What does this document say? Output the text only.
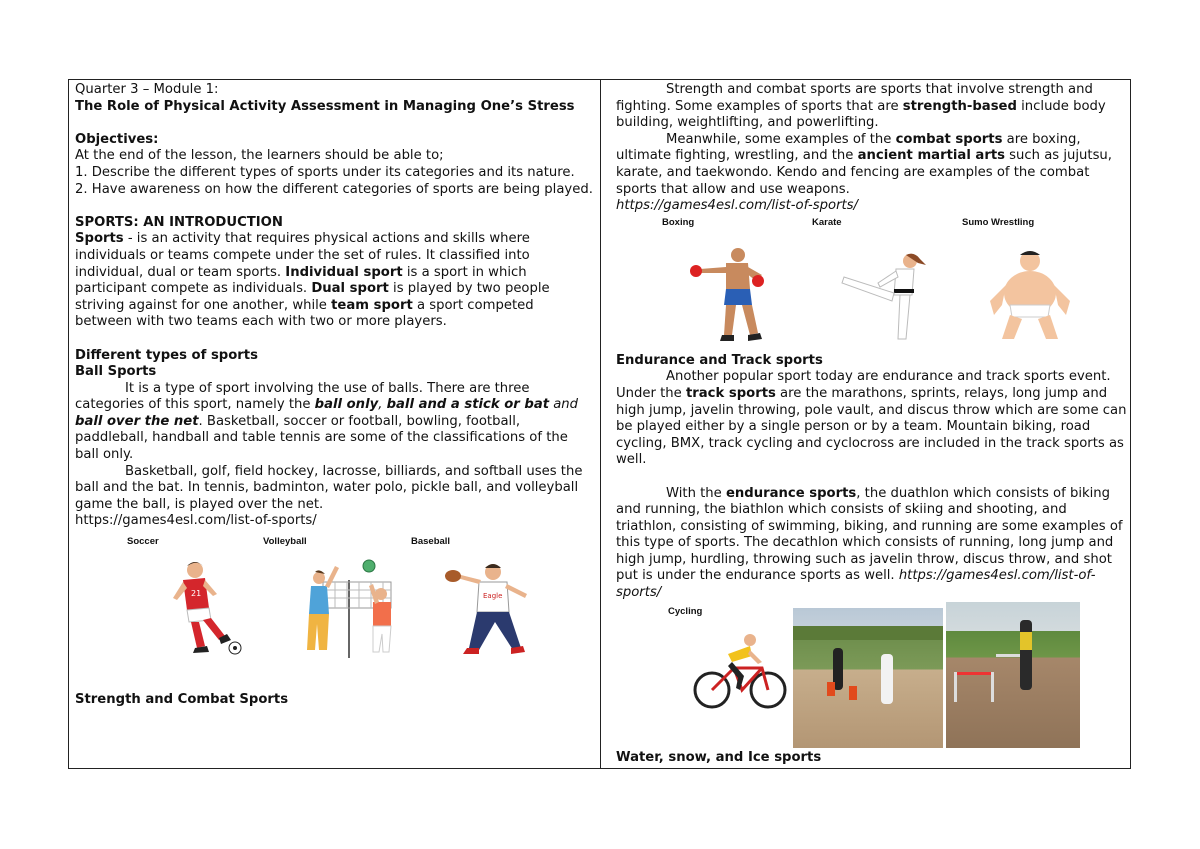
Quarter 3 – Module 1:

The Role of Physical Activity Assessment in Managing One’s Stress

Objectives:

At the end of the lesson, the learners should be able to;

1. Describe the different types of sports under its categories and its nature.

2. Have awareness on how the different categories of sports are being played.

SPORTS: AN INTRODUCTION

Sports - is an activity that requires physical actions and skills where individuals or teams compete under the set of rules. It classified into individual, dual or team sports. Individual sport is a sport in which participant compete as individuals. Dual sport is played by two people striving against for one another, while team sport a sport competed between with two teams each with two or more players.

Different types of sports

Ball Sports

It is a type of sport involving the use of balls. There are three categories of this sport, namely the ball only, ball and a stick or bat and ball over the net. Basketball, soccer or football, bowling, football, paddleball, handball and table tennis are some of the classifications of the ball only.

Basketball, golf, field hockey, lacrosse, billiards, and softball uses the ball and the bat. In tennis, badminton, water polo, pickle ball, and volleyball game the ball, is played over the net.

https://games4esl.com/list-of-sports/

Soccer	Volleyball	Baseball
21	Eagle

Strength and Combat Sports

Strength and combat sports are sports that involve strength and fighting. Some examples of sports that are strength-based include body building, weightlifting, and powerlifting.

Meanwhile, some examples of the combat sports are boxing, ultimate fighting, wrestling, and the ancient martial arts such as jujutsu, karate, and taekwondo. Kendo and fencing are examples of the combat sports that allow and use weapons.

https://games4esl.com/list-of-sports/

Boxing	Karate	Sumo Wrestling

Endurance and Track sports

Another popular sport today are endurance and track sports event. Under the track sports are the marathons, sprints, relays, long jump and high jump, javelin throwing, pole vault, and discus throw which are some can be played either by a single person or by a team. Mountain biking, road cycling, BMX, track cycling and cyclocross are included in the track sports as well.

With the endurance sports, the duathlon which consists of biking and running, the biathlon which consists of skiing and shooting, and triathlon, consisting of swimming, biking, and running are some examples of this type of sports. The decathlon which consists of running, long jump and high jump, hurdling, throwing such as javelin throw, discus throw, and shot put is under the endurance sports as well. https://games4esl.com/list-of-sports/

Cycling

Water, snow, and Ice sports
